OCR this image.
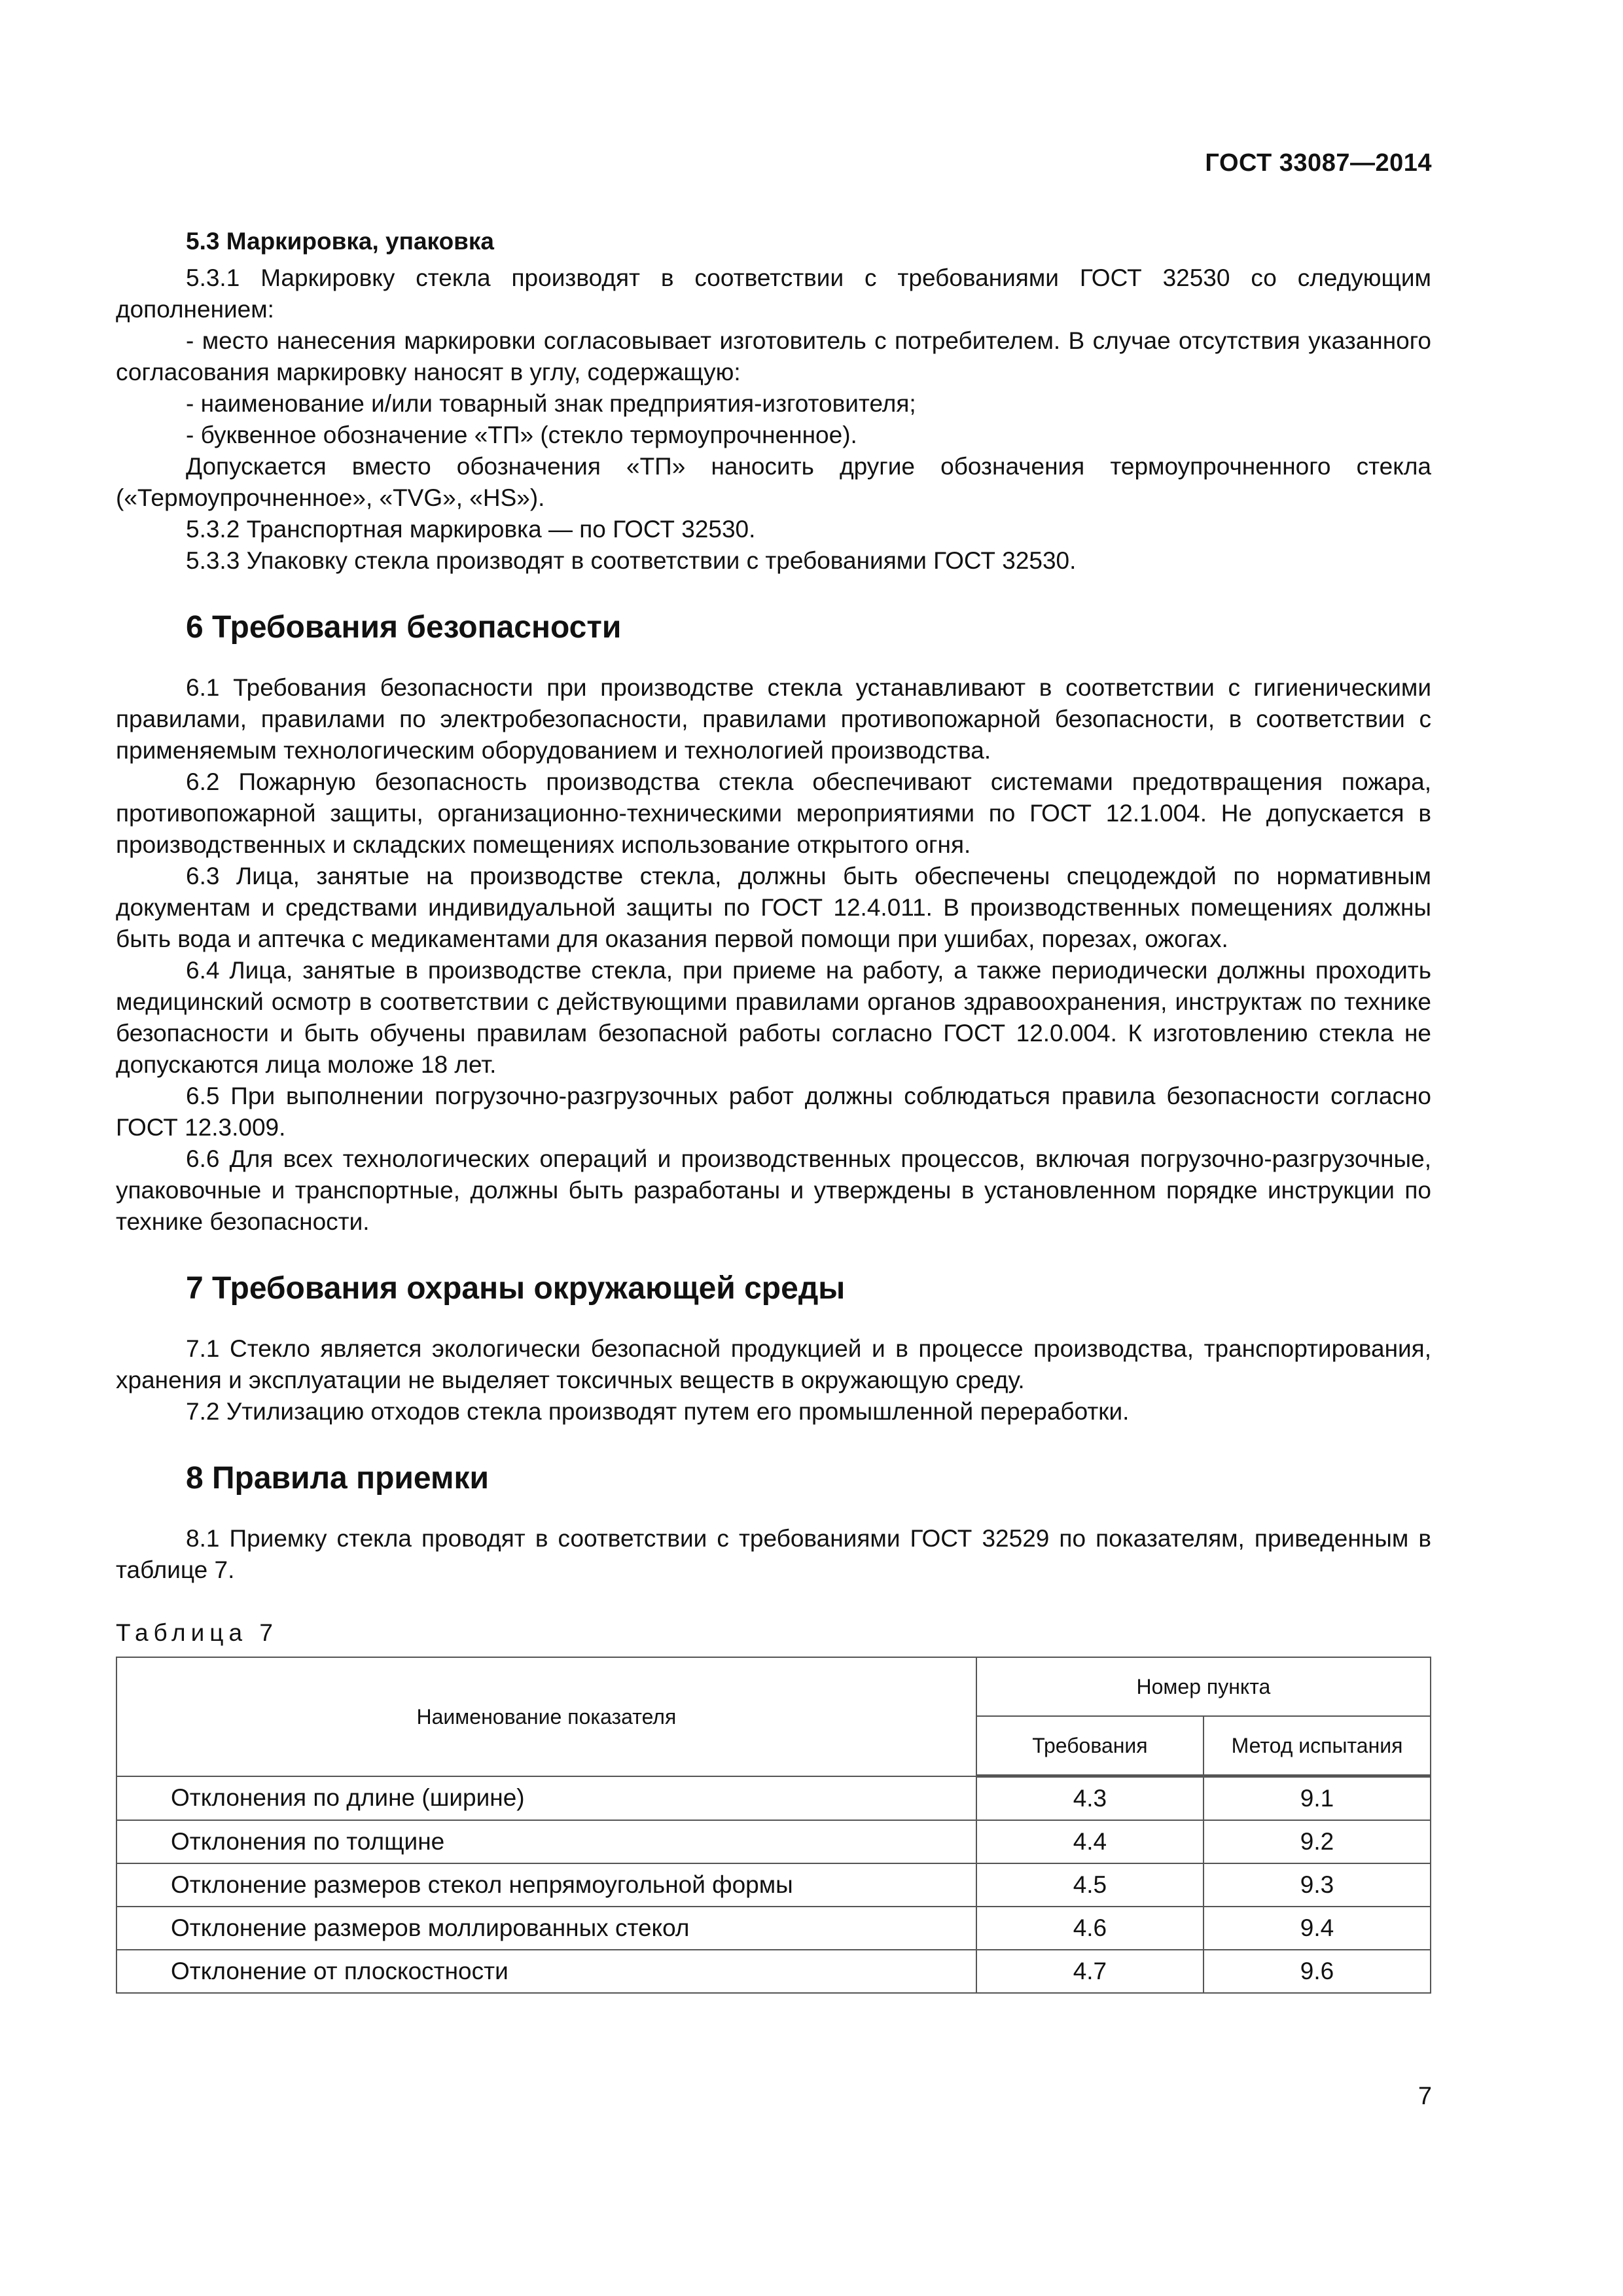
ГОСТ 33087—2014
5.3 Маркировка, упаковка

5.3.1 Маркировку стекла производят в соответствии с требованиями ГОСТ 32530 со следующим дополнением:

- место нанесения маркировки согласовывает изготовитель с потребителем. В случае отсутствия указанного согласования маркировку наносят в углу, содержащую:

- наименование и/или товарный знак предприятия-изготовителя;

- буквенное обозначение «ТП» (стекло термоупрочненное).

Допускается вместо обозначения «ТП» наносить другие обозначения термоупрочненного стекла («Термоупрочненное», «TVG», «HS»).

5.3.2 Транспортная маркировка — по ГОСТ 32530.

5.3.3 Упаковку стекла производят в соответствии с требованиями ГОСТ 32530.

6 Требования безопасности

6.1 Требования безопасности при производстве стекла устанавливают в соответствии с гигиеническими правилами, правилами по электробезопасности, правилами противопожарной безопасности, в соответствии с применяемым технологическим оборудованием и технологией производства.

6.2 Пожарную безопасность производства стекла обеспечивают системами предотвращения пожара, противопожарной защиты, организационно-техническими мероприятиями по ГОСТ 12.1.004. Не допускается в производственных и складских помещениях использование открытого огня.

6.3 Лица, занятые на производстве стекла, должны быть обеспечены спецодеждой по нормативным документам и средствами индивидуальной защиты по ГОСТ 12.4.011. В производственных помещениях должны быть вода и аптечка с медикаментами для оказания первой помощи при ушибах, порезах, ожогах.

6.4 Лица, занятые в производстве стекла, при приеме на работу, а также периодически должны проходить медицинский осмотр в соответствии с действующими правилами органов здравоохранения, инструктаж по технике безопасности и быть обучены правилам безопасной работы согласно ГОСТ 12.0.004. К изготовлению стекла не допускаются лица моложе 18 лет.

6.5 При выполнении погрузочно-разгрузочных работ должны соблюдаться правила безопасности согласно ГОСТ 12.3.009.

6.6 Для всех технологических операций и производственных процессов, включая погрузочно-разгрузочные, упаковочные и транспортные, должны быть разработаны и утверждены в установленном порядке инструкции по технике безопасности.

7 Требования охраны окружающей среды

7.1 Стекло является экологически безопасной продукцией и в процессе производства, транспортирования, хранения и эксплуатации не выделяет токсичных веществ в окружающую среду.

7.2 Утилизацию отходов стекла производят путем его промышленной переработки.

8 Правила приемки

8.1 Приемку стекла проводят в соответствии с требованиями ГОСТ 32529 по показателям, приведенным в таблице 7.

Таблица 7
Наименование показателя	Номер пункта	
	Требования	Метод испытания
Отклонения по длине (ширине)	4.3	9.1
Отклонения по толщине	4.4	9.2
Отклонение размеров стекол непрямоугольной формы	4.5	9.3
Отклонение размеров моллированных стекол	4.6	9.4
Отклонение от плоскостности	4.7	9.6
7
